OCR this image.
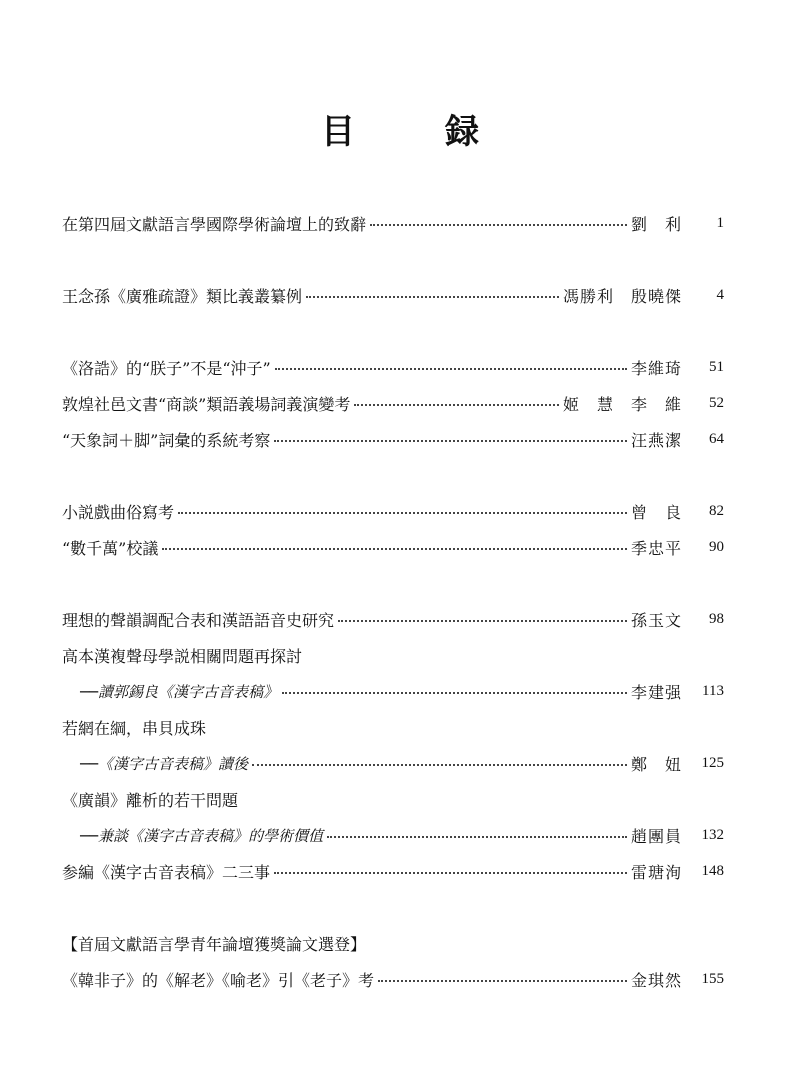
目　録
在第四屆文獻語言學國際學術論壇上的致辭	劉　利	1
王念孫《廣雅疏證》類比義叢纂例	馮勝利　殷曉傑	4
《洛誥》的“朕子”不是“沖子”	李維琦	51
敦煌社邑文書“商談”類語義場詞義演變考	姬　慧　李　維	52
“天象詞＋脚”詞彙的系統考察	汪燕潔	64
小説戲曲俗寫考	曾　良	82
“數千萬”校議	季忠平	90
理想的聲韻調配合表和漢語語音史研究	孫玉文	98
高本漢複聲母學説相關問題再探討
──讀郭錫良《漢字古音表稿》	李建强	113
若網在綱，串貝成珠
──《漢字古音表稿》讀後	鄭　妞	125
《廣韻》離析的若干問題
──兼談《漢字古音表稿》的學術價值	趙團員	132
参編《漢字古音表稿》二三事	雷瑭洵	148
【首屆文獻語言學青年論壇獲獎論文選登】
《韓非子》的《解老》《喻老》引《老子》考	金琪然	155
